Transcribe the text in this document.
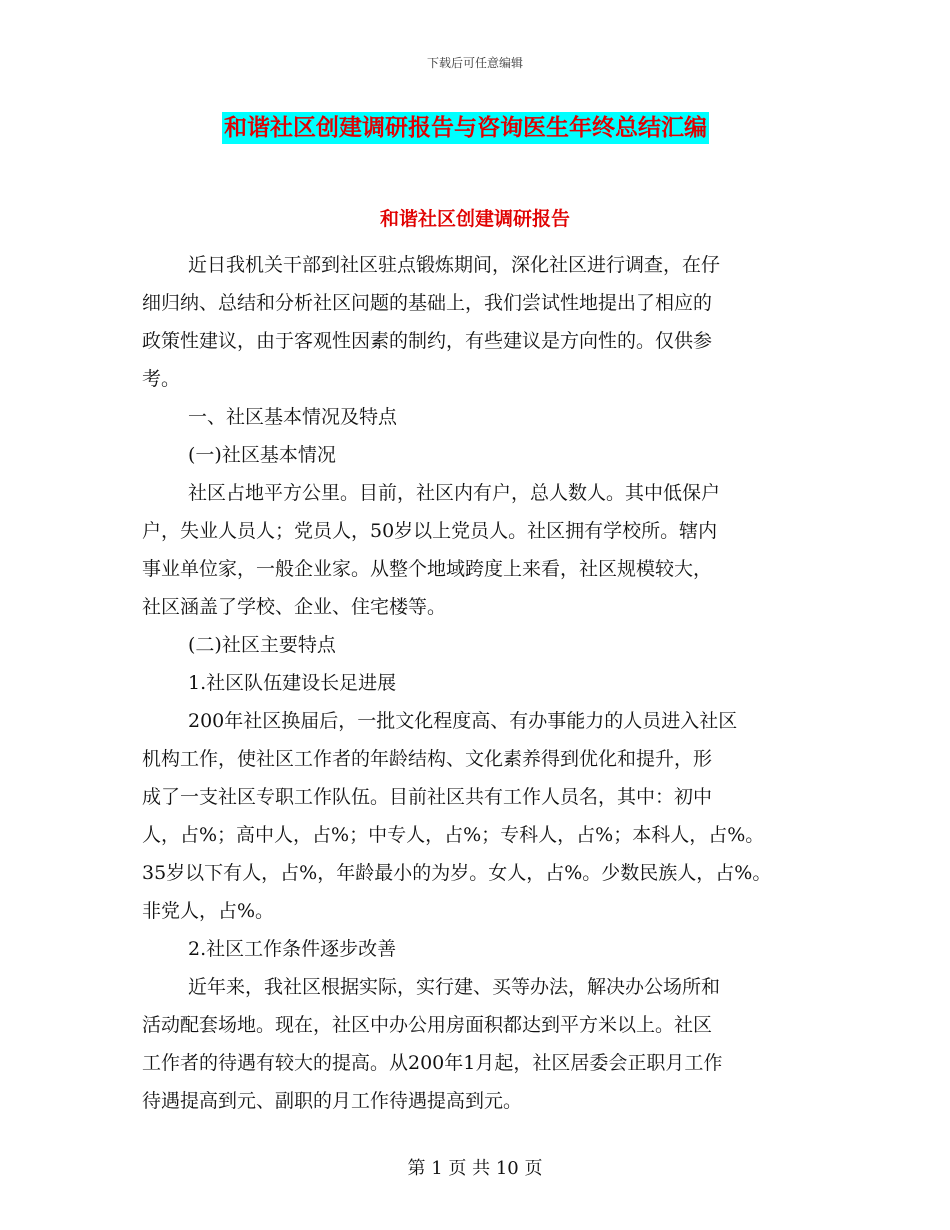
下载后可任意编辑
和谐社区创建调研报告与咨询医生年终总结汇编
和谐社区创建调研报告

近日我机关干部到社区驻点锻炼期间，深化社区进行调查，在仔
细归纳、总结和分析社区问题的基础上，我们尝试性地提出了相应的
政策性建议，由于客观性因素的制约，有些建议是方向性的。仅供参
考。

一、社区基本情况及特点

(一)社区基本情况

社区占地平方公里。目前，社区内有户，总人数人。其中低保户
户，失业人员人；党员人，50岁以上党员人。社区拥有学校所。辖内
事业单位家，一般企业家。从整个地域跨度上来看，社区规模较大，
社区涵盖了学校、企业、住宅楼等。

(二)社区主要特点

1.社区队伍建设长足进展

200年社区换届后，一批文化程度高、有办事能力的人员进入社区
机构工作，使社区工作者的年龄结构、文化素养得到优化和提升，形
成了一支社区专职工作队伍。目前社区共有工作人员名，其中：初中
人，占%；高中人，占%；中专人，占%；专科人，占%；本科人，占%。
35岁以下有人，占%，年龄最小的为岁。女人，占%。少数民族人，占%。
非党人，占%。

2.社区工作条件逐步改善

近年来，我社区根据实际，实行建、买等办法，解决办公场所和
活动配套场地。现在，社区中办公用房面积都达到平方米以上。社区
工作者的待遇有较大的提高。从200年1月起，社区居委会正职月工作
待遇提高到元、副职的月工作待遇提高到元。

第 1 页 共 10 页
